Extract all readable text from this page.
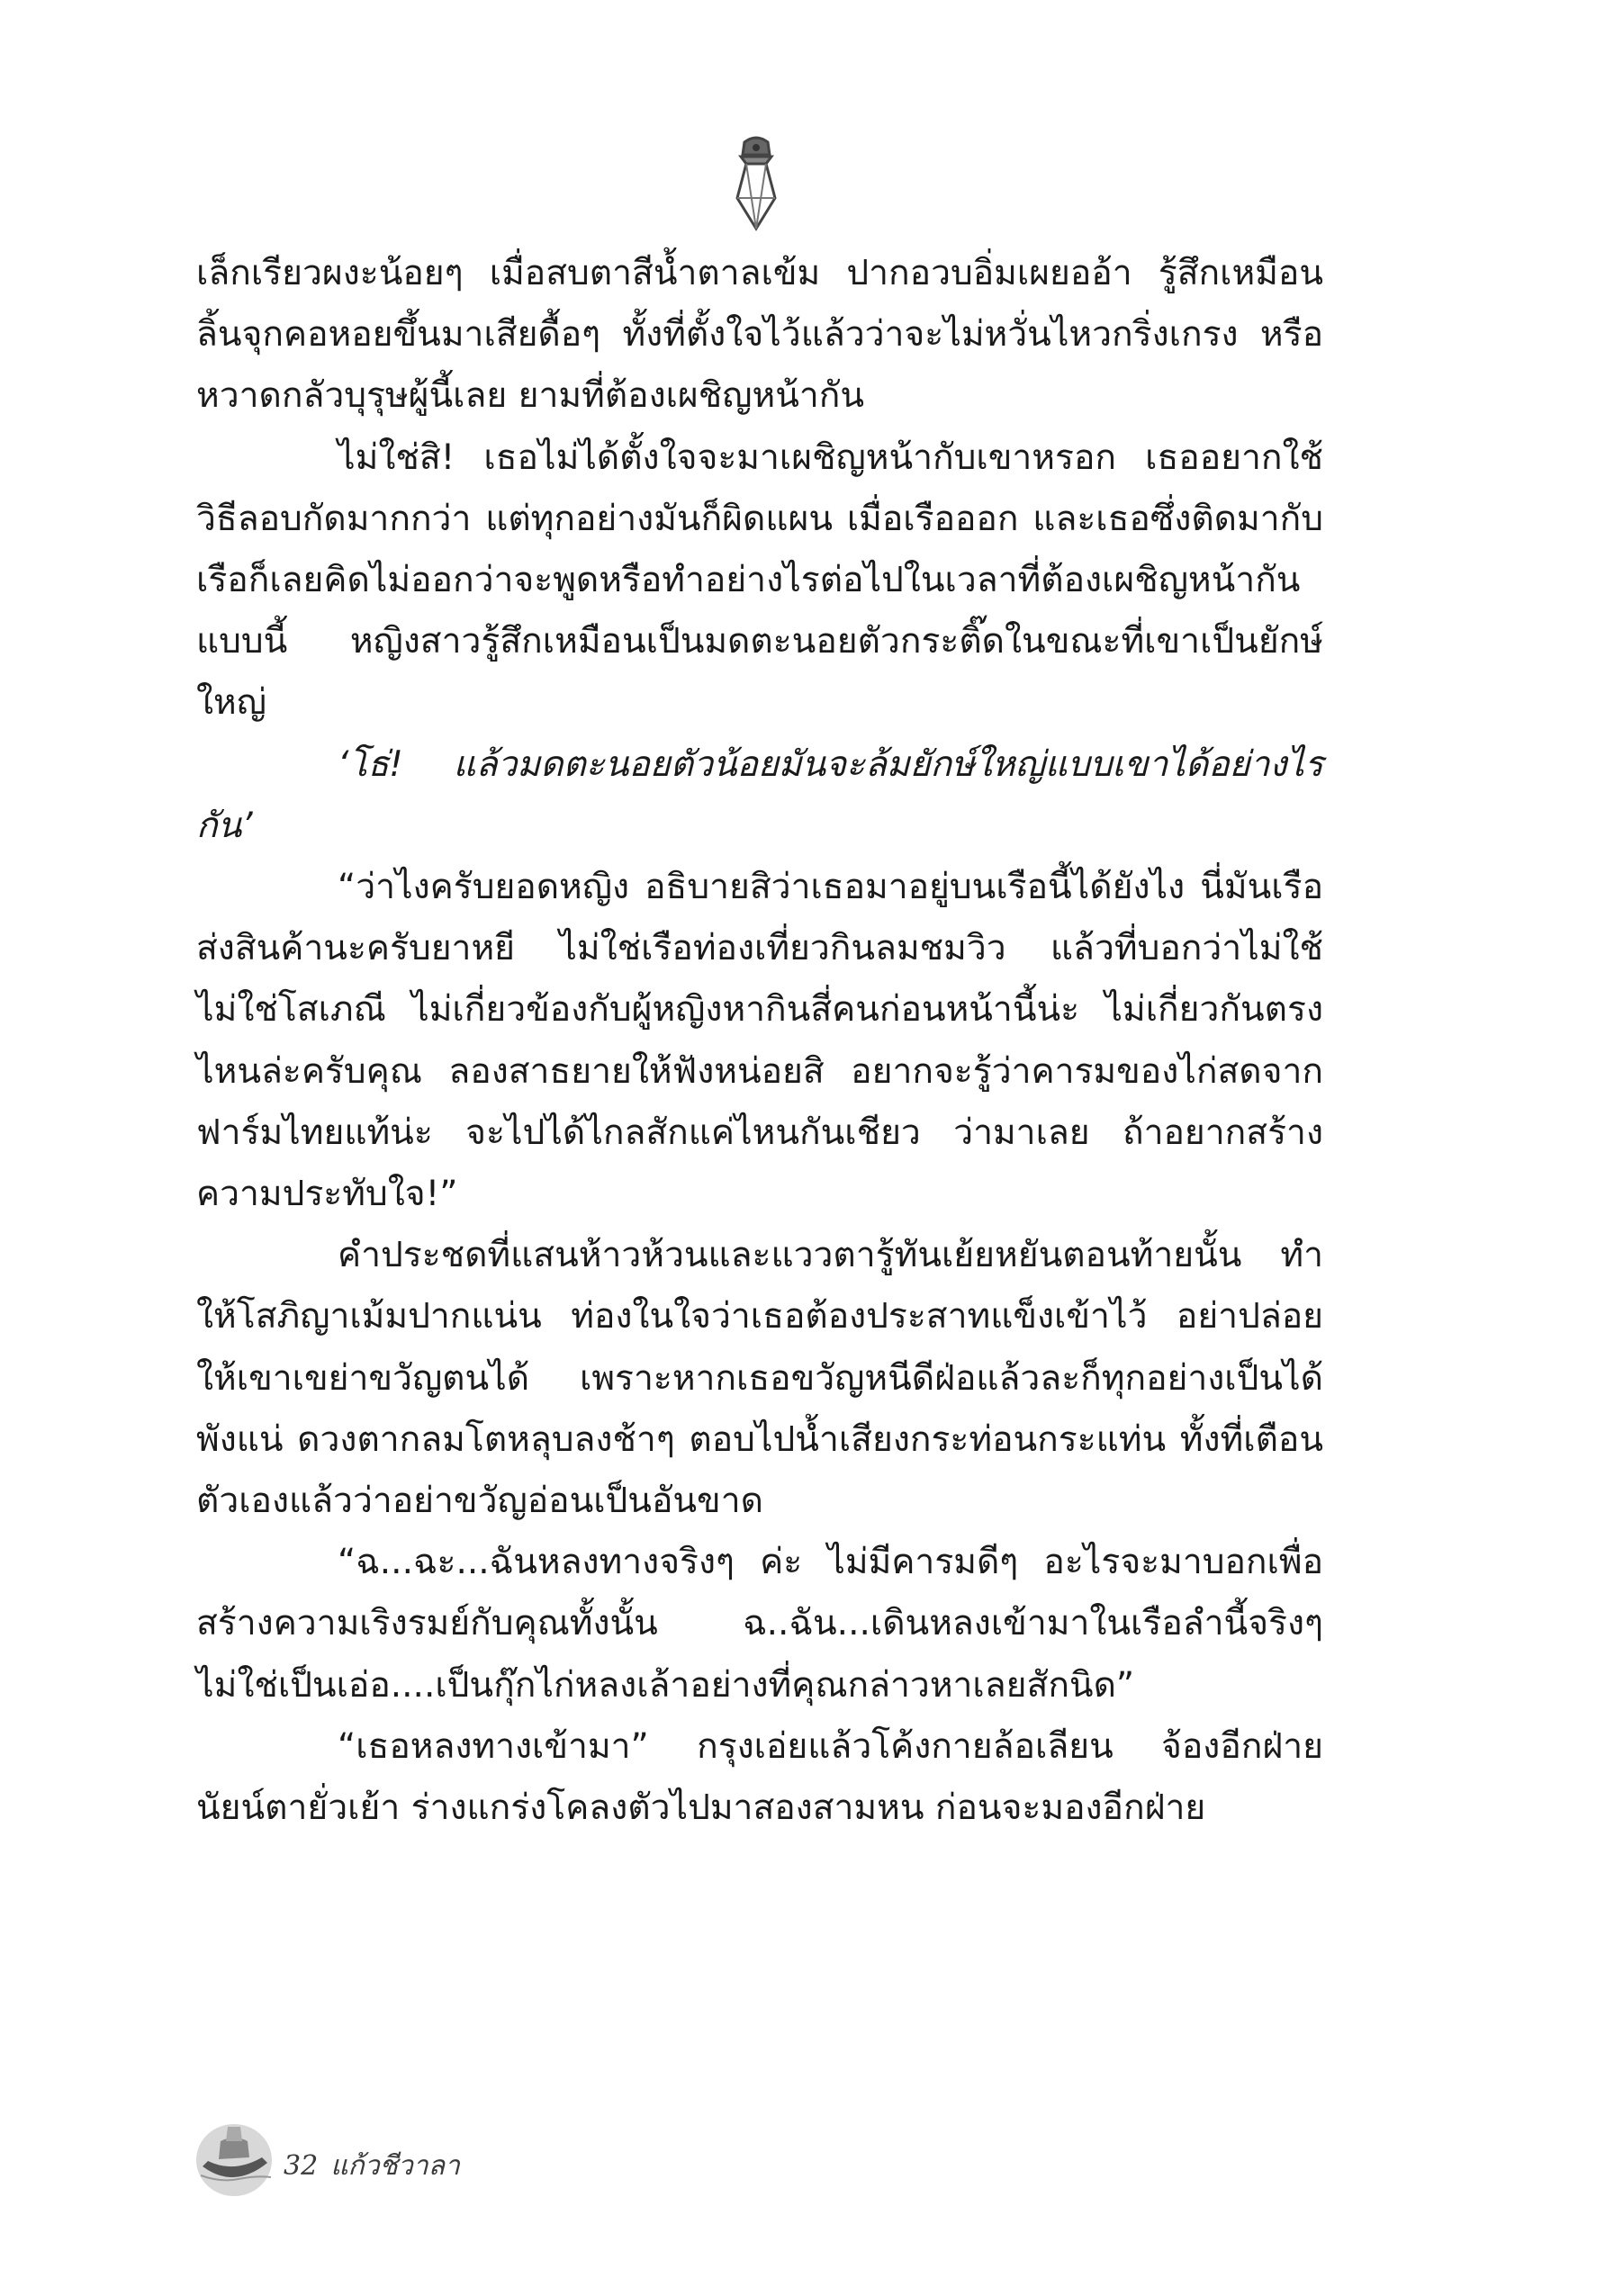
เล็กเรียวผงะน้อยๆ เมื่อสบตาสีน้ำตาลเข้ม ปากอวบอิ่มเผยออ้า รู้สึกเหมือนลิ้นจุกคอหอยขึ้นมาเสียดื้อๆ ทั้งที่ตั้งใจไว้แล้วว่าจะไม่หวั่นไหวกริ่งเกรง หรือหวาดกลัวบุรุษผู้นี้เลย ยามที่ต้องเผชิญหน้ากัน

ไม่ใช่สิ! เธอไม่ได้ตั้งใจจะมาเผชิญหน้ากับเขาหรอก เธออยากใช้วิธีลอบกัดมากกว่า แต่ทุกอย่างมันก็ผิดแผน เมื่อเรือออก และเธอซึ่งติดมากับเรือก็เลยคิดไม่ออกว่าจะพูดหรือทำอย่างไรต่อไปในเวลาที่ต้องเผชิญหน้ากันแบบนี้ หญิงสาวรู้สึกเหมือนเป็นมดตะนอยตัวกระติ๊ดในขณะที่เขาเป็นยักษ์ใหญ่

‘โธ่! แล้วมดตะนอยตัวน้อยมันจะล้มยักษ์ใหญ่แบบเขาได้อย่างไรกัน’

“ว่าไงครับยอดหญิง อธิบายสิว่าเธอมาอยู่บนเรือนี้ได้ยังไง นี่มันเรือส่งสินค้านะครับยาหยี ไม่ใช่เรือท่องเที่ยวกินลมชมวิว แล้วที่บอกว่าไม่ใช้ไม่ใช่โสเภณี ไม่เกี่ยวข้องกับผู้หญิงหากินสี่คนก่อนหน้านี้น่ะ ไม่เกี่ยวกันตรงไหนล่ะครับคุณ ลองสาธยายให้ฟังหน่อยสิ อยากจะรู้ว่าคารมของไก่สดจากฟาร์มไทยแท้น่ะ จะไปได้ไกลสักแค่ไหนกันเชียว ว่ามาเลย ถ้าอยากสร้างความประทับใจ!”

คำประชดที่แสนห้าวห้วนและแววตารู้ทันเย้ยหยันตอนท้ายนั้น ทำให้โสภิญาเม้มปากแน่น ท่องในใจว่าเธอต้องประสาทแข็งเข้าไว้ อย่าปล่อยให้เขาเขย่าขวัญตนได้ เพราะหากเธอขวัญหนีดีฝ่อแล้วละก็ทุกอย่างเป็นได้พังแน่ ดวงตากลมโตหลุบลงช้าๆ ตอบไปน้ำเสียงกระท่อนกระแท่น ทั้งที่เตือนตัวเองแล้วว่าอย่าขวัญอ่อนเป็นอันขาด

“ฉ...ฉะ...ฉันหลงทางจริงๆ ค่ะ ไม่มีคารมดีๆ อะไรจะมาบอกเพื่อสร้างความเริงรมย์กับคุณทั้งนั้น ฉ..ฉัน...เดินหลงเข้ามาในเรือลำนี้จริงๆ ไม่ใช่เป็นเอ่อ....เป็นกุ๊กไก่หลงเล้าอย่างที่คุณกล่าวหาเลยสักนิด”

“เธอหลงทางเข้ามา” กรุงเอ่ยแล้วโค้งกายล้อเลียน จ้องอีกฝ่ายนัยน์ตายั่วเย้า ร่างแกร่งโคลงตัวไปมาสองสามหน ก่อนจะมองอีกฝ่าย

32 แก้วชีวาลา
